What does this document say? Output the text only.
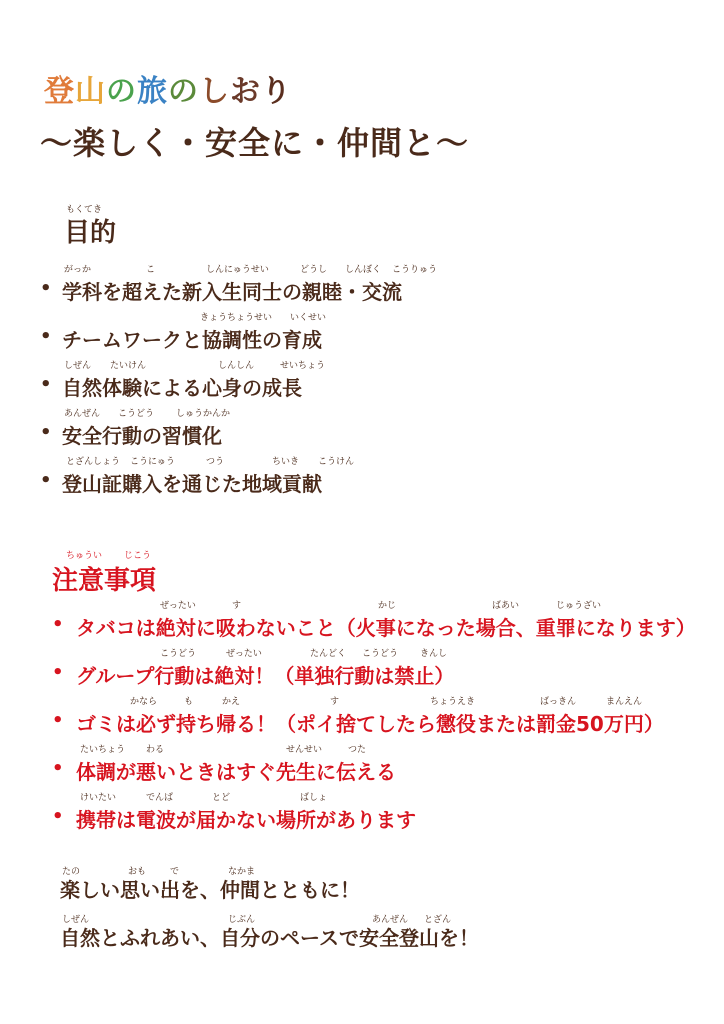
登山の旅のしおり
〜楽しく・安全に・仲間と〜
もくてき
目的
がっか	こ	しんにゅうせい	どうし しんぼく こうりゅう
• 学科を超えた新入生同士の親睦・交流
きょうちょうせい いくせい
• チームワークと協調性の育成
しぜん たいけん	しんしん	せいちょう
• 自然体験による心身の成長
あんぜん こうどう しゅうかんか
• 安全行動の習慣化
とざんしょう こうにゅう	つう	ちいき こうけん
• 登山証購入を通じた地域貢献
ちゅうい じこう
注意事項
ぜったい	す	かじ	ばあい	じゅうざい
• タバコは絶対に吸わないこと（火事になった場合、重罪になります）
こうどう	ぜったい	たんどく こうどう きんし
• グループ行動は絶対！（単独行動は禁止）
かなら	も	かえ	す	ちょうえき	ばっきん	まんえん
• ゴミは必ず持ち帰る！（ポイ捨てしたら懲役または罰金50万円）
たいちょう わる	せんせい	つた
• 体調が悪いときはすぐ先生に伝える
けいたい	でんぱ	とど	ばしょ
• 携帯は電波が届かない場所があります
たの	おも	で	なかま
楽しい思い出を、仲間とともに！
しぜん	じぶん	あんぜん とざん
自然とふれあい、自分のペースで安全登山を！
